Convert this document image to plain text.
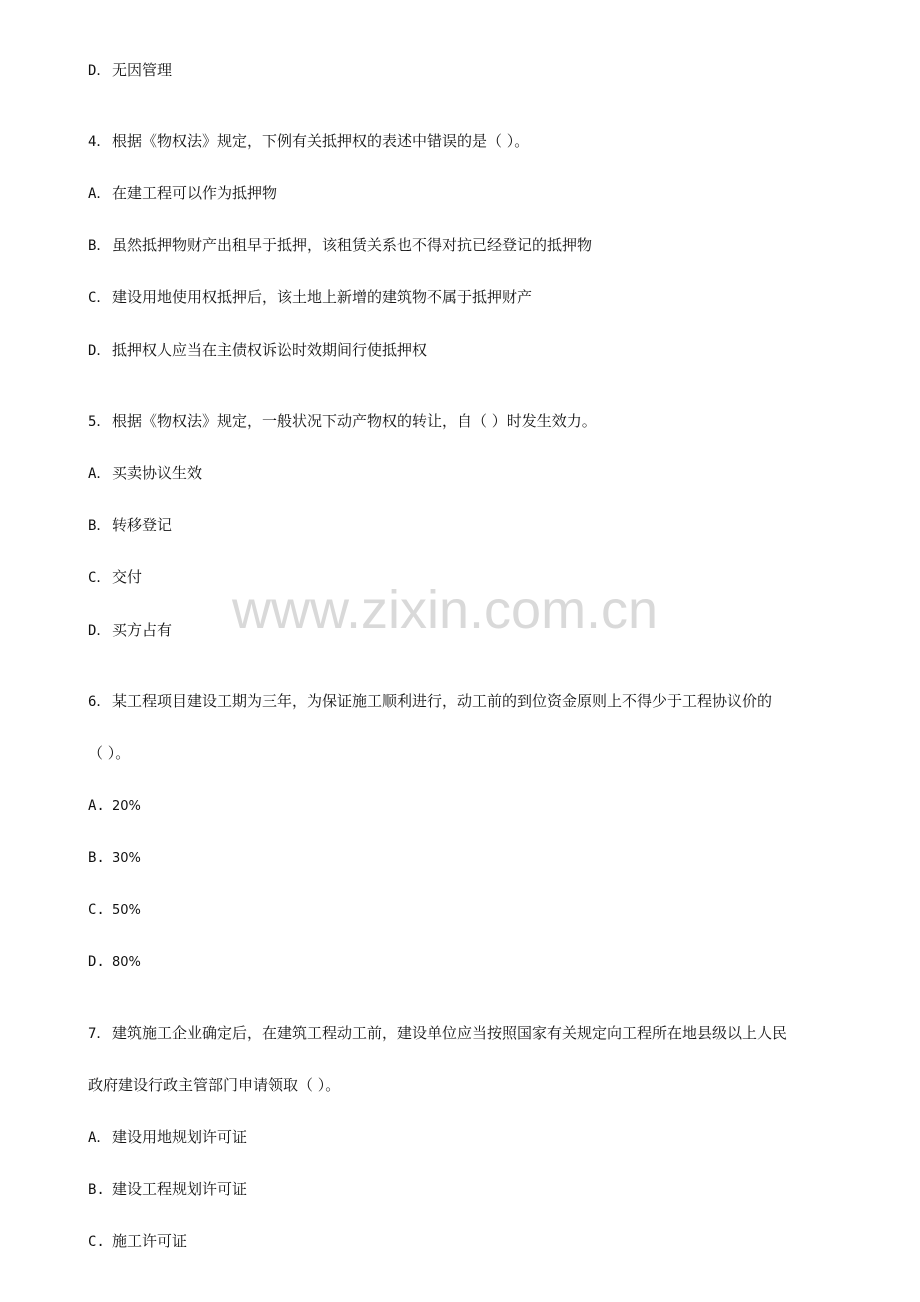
D． 无因管理
4． 根据《物权法》规定，下例有关抵押权的表述中错误的是（ ）。
A． 在建工程可以作为抵押物
B． 虽然抵押物财产出租早于抵押，该租赁关系也不得对抗已经登记的抵押物
C． 建设用地使用权抵押后，该土地上新增的建筑物不属于抵押财产
D． 抵押权人应当在主债权诉讼时效期间行使抵押权
5． 根据《物权法》规定，一般状况下动产物权的转让，自（ ）时发生效力。
A． 买卖协议生效
B． 转移登记
C． 交付
D． 买方占有
6． 某工程项目建设工期为三年，为保证施工顺利进行，动工前的到位资金原则上不得少于工程协议价的
（ ）。
A. 20%
B. 30%
C. 50%
D. 80%
7． 建筑施工企业确定后，在建筑工程动工前，建设单位应当按照国家有关规定向工程所在地县级以上人民
政府建设行政主管部门申请领取（ ）。
A． 建设用地规划许可证
B. 建设工程规划许可证
C. 施工许可证
www.zixin.com.cn
